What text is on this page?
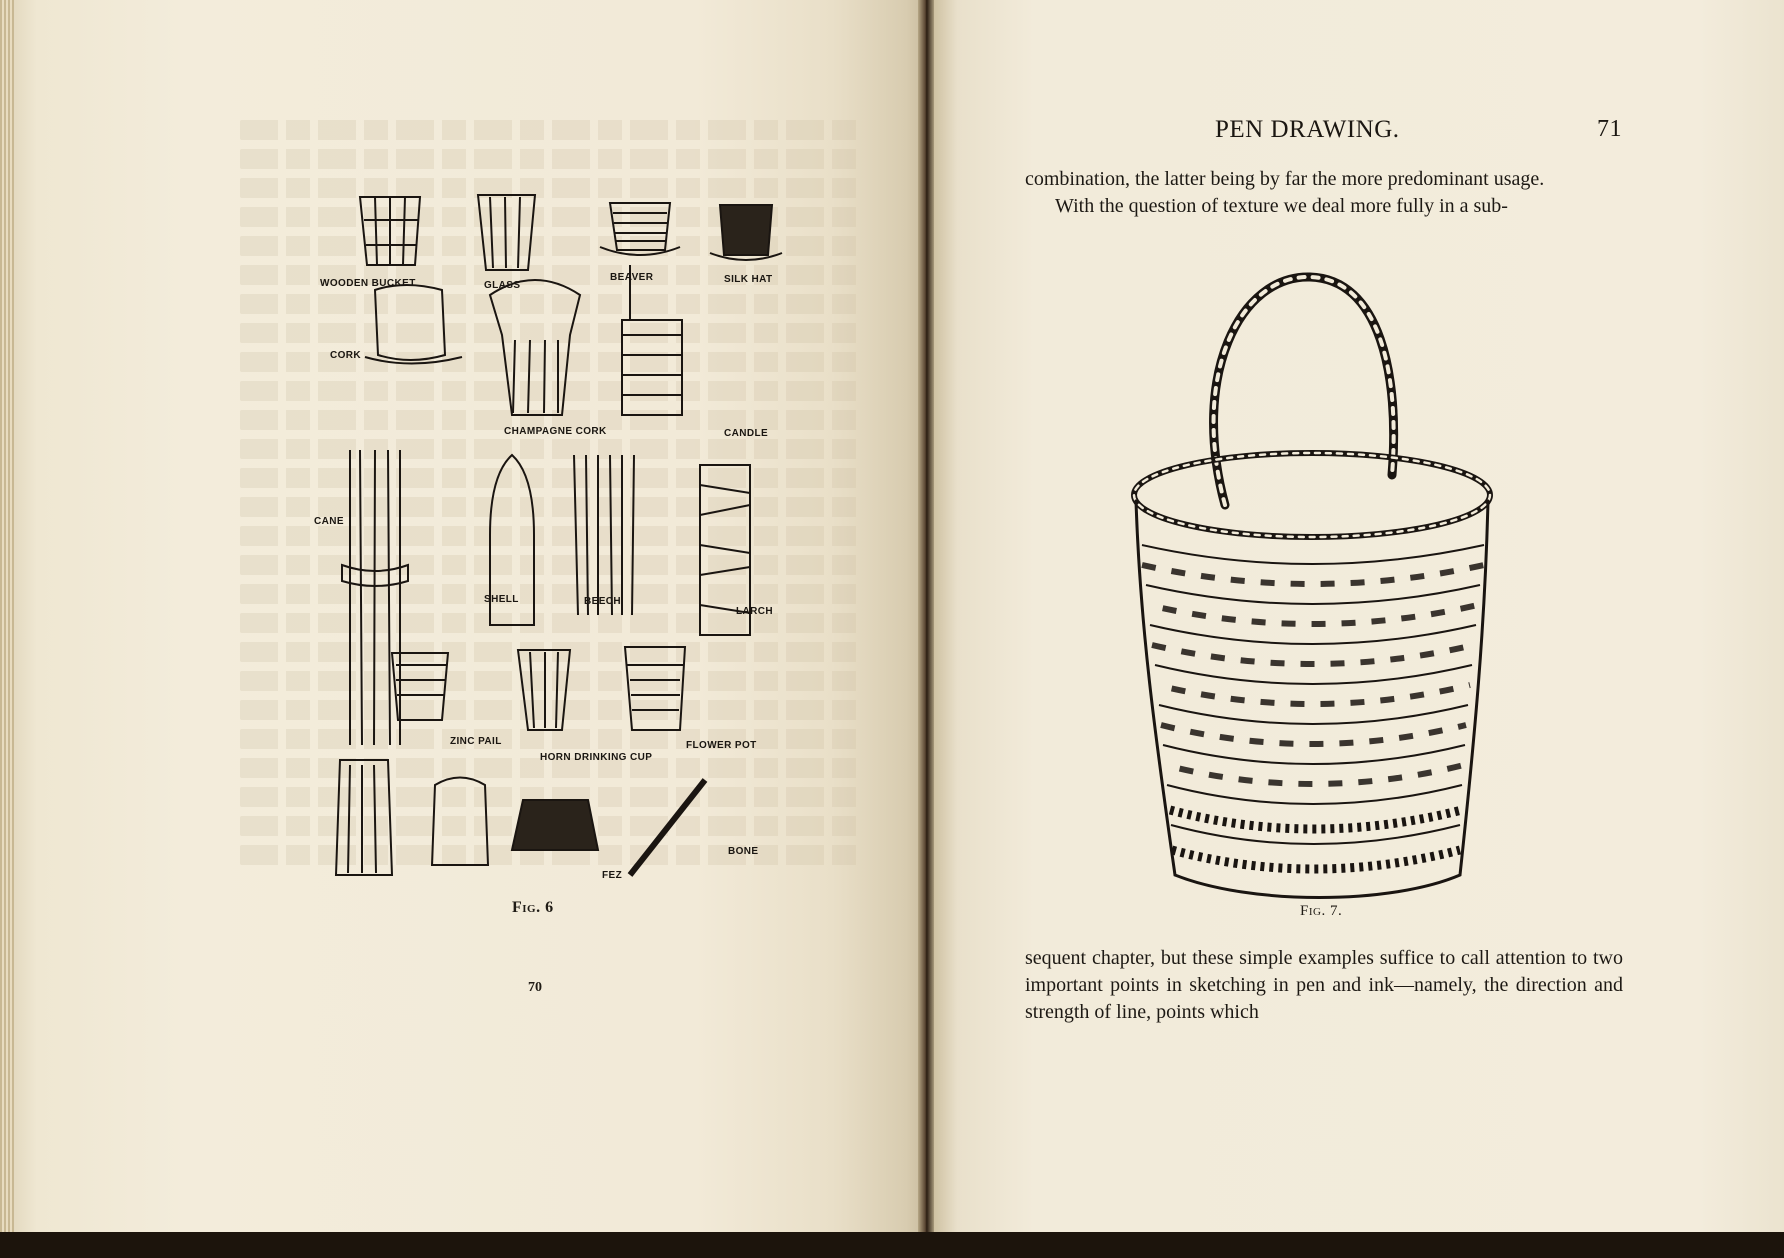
PEN DRAWING.	71
combination, the latter being by far the more predominant usage.
With the question of texture we deal more fully in a sub-
Fig. 7.
sequent chapter, but these simple examples suffice to call attention to two important points in sketching in pen and ink—namely, the direction and strength of line, points which
WOODEN BUCKET	GLASS
BEAVER	SILK HAT
CORK
CHAMPAGNE CORK	CANDLE
CANE
SHELL	BEECH
LARCH
ZINC PAIL
HORN DRINKING CUP
FLOWER POT
FEZ
BONE
Fig. 6
70
